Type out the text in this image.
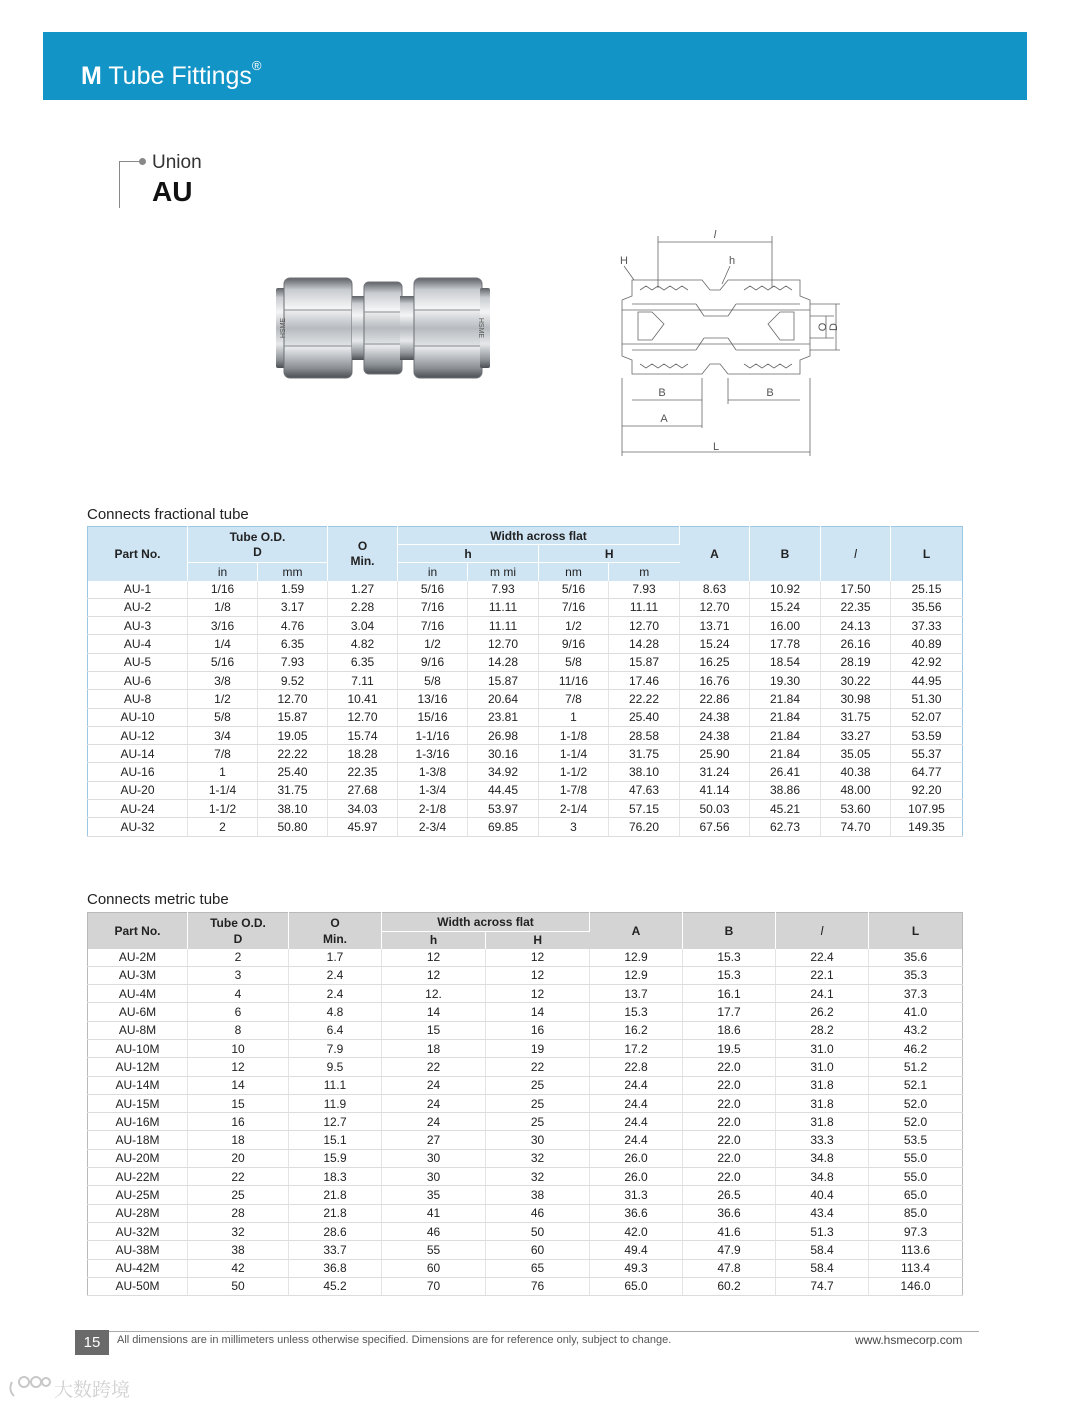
M Tube Fittings®
Union
AU
HSME	HSME
l
H	h
O D
B	B
A
L
Connects fractional tube
Part No.	Tube O.D.
D		O
Min.	Width across flat				A	B	l	L
				h		H					
	in	mm		in	m mi	nm	m				
AU-1	1/16	1.59	1.27	5/16	7.93	5/16	7.93	8.63	10.92	17.50	25.15
AU-2	1/8	3.17	2.28	7/16	11.11	7/16	11.11	12.70	15.24	22.35	35.56
AU-3	3/16	4.76	3.04	7/16	11.11	1/2	12.70	13.71	16.00	24.13	37.33
AU-4	1/4	6.35	4.82	1/2	12.70	9/16	14.28	15.24	17.78	26.16	40.89
AU-5	5/16	7.93	6.35	9/16	14.28	5/8	15.87	16.25	18.54	28.19	42.92
AU-6	3/8	9.52	7.11	5/8	15.87	11/16	17.46	16.76	19.30	30.22	44.95
AU-8	1/2	12.70	10.41	13/16	20.64	7/8	22.22	22.86	21.84	30.98	51.30
AU-10	5/8	15.87	12.70	15/16	23.81	1	25.40	24.38	21.84	31.75	52.07
AU-12	3/4	19.05	15.74	1-1/16	26.98	1-1/8	28.58	24.38	21.84	33.27	53.59
AU-14	7/8	22.22	18.28	1-3/16	30.16	1-1/4	31.75	25.90	21.84	35.05	55.37
AU-16	1	25.40	22.35	1-3/8	34.92	1-1/2	38.10	31.24	26.41	40.38	64.77
AU-20	1-1/4	31.75	27.68	1-3/4	44.45	1-7/8	47.63	41.14	38.86	48.00	92.20
AU-24	1-1/2	38.10	34.03	2-1/8	53.97	2-1/4	57.15	50.03	45.21	53.60	107.95
AU-32	2	50.80	45.97	2-3/4	69.85	3	76.20	67.56	62.73	74.70	149.35
Connects metric tube
Part No.	Tube O.D.
D	O
Min.	Width across flat		A	B	l	L
			h	H				
AU-2M	2	1.7	12	12	12.9	15.3	22.4	35.6
AU-3M	3	2.4	12	12	12.9	15.3	22.1	35.3
AU-4M	4	2.4	12.	12	13.7	16.1	24.1	37.3
AU-6M	6	4.8	14	14	15.3	17.7	26.2	41.0
AU-8M	8	6.4	15	16	16.2	18.6	28.2	43.2
AU-10M	10	7.9	18	19	17.2	19.5	31.0	46.2
AU-12M	12	9.5	22	22	22.8	22.0	31.0	51.2
AU-14M	14	11.1	24	25	24.4	22.0	31.8	52.1
AU-15M	15	11.9	24	25	24.4	22.0	31.8	52.0
AU-16M	16	12.7	24	25	24.4	22.0	31.8	52.0
AU-18M	18	15.1	27	30	24.4	22.0	33.3	53.5
AU-20M	20	15.9	30	32	26.0	22.0	34.8	55.0
AU-22M	22	18.3	30	32	26.0	22.0	34.8	55.0
AU-25M	25	21.8	35	38	31.3	26.5	40.4	65.0
AU-28M	28	21.8	41	46	36.6	36.6	43.4	85.0
AU-32M	32	28.6	46	50	42.0	41.6	51.3	97.3
AU-38M	38	33.7	55	60	49.4	47.9	58.4	113.6
AU-42M	42	36.8	60	65	49.3	47.8	58.4	113.4
AU-50M	50	45.2	70	76	65.0	60.2	74.7	146.0
15	All dimensions are in millimeters unless otherwise specified. Dimensions are for reference only, subject to change.	www.hsmecorp.com
大数跨境
